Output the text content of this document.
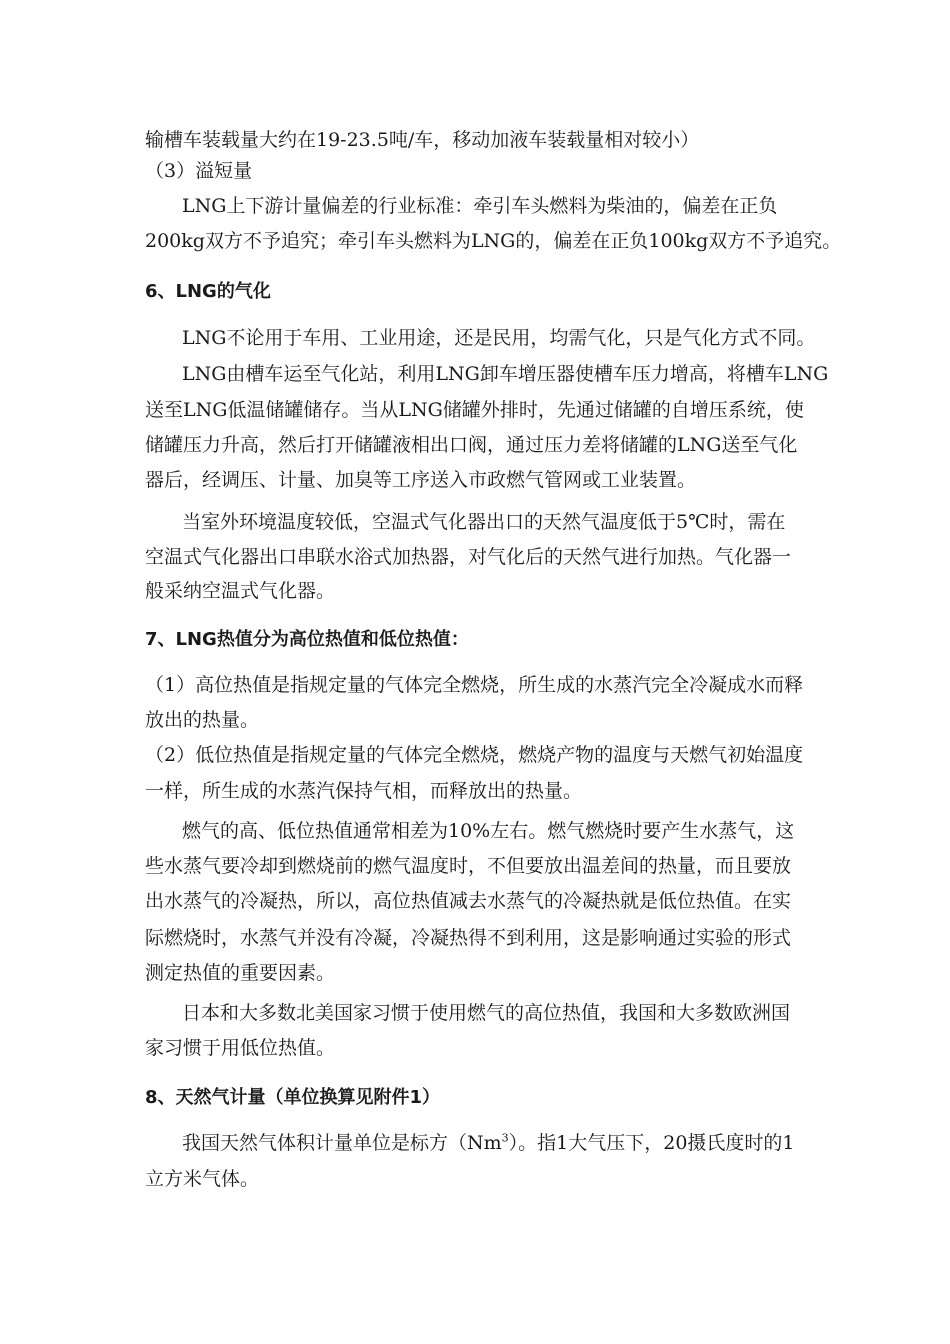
输槽车装载量大约在19-23.5吨/车，移动加液车装载量相对较小）
（3）溢短量
LNG上下游计量偏差的行业标准：牵引车头燃料为柴油的，偏差在正负
200kg双方不予追究；牵引车头燃料为LNG的，偏差在正负100kg双方不予追究。
6、LNG的气化
LNG不论用于车用、工业用途，还是民用，均需气化，只是气化方式不同。
LNG由槽车运至气化站，利用LNG卸车增压器使槽车压力增高，将槽车LNG
送至LNG低温储罐储存。当从LNG储罐外排时，先通过储罐的自增压系统，使
储罐压力升高，然后打开储罐液相出口阀，通过压力差将储罐的LNG送至气化
器后，经调压、计量、加臭等工序送入市政燃气管网或工业装置。
当室外环境温度较低，空温式气化器出口的天然气温度低于5℃时，需在
空温式气化器出口串联水浴式加热器，对气化后的天然气进行加热。气化器一
般采纳空温式气化器。
7、LNG热值分为高位热值和低位热值：
（1）高位热值是指规定量的气体完全燃烧，所生成的水蒸汽完全冷凝成水而释
放出的热量。
（2）低位热值是指规定量的气体完全燃烧，燃烧产物的温度与天燃气初始温度
一样，所生成的水蒸汽保持气相，而释放出的热量。
燃气的高、低位热值通常相差为10%左右。燃气燃烧时要产生水蒸气，这
些水蒸气要冷却到燃烧前的燃气温度时，不但要放出温差间的热量，而且要放
出水蒸气的冷凝热，所以，高位热值减去水蒸气的冷凝热就是低位热值。在实
际燃烧时，水蒸气并没有冷凝，冷凝热得不到利用，这是影响通过实验的形式
测定热值的重要因素。
日本和大多数北美国家习惯于使用燃气的高位热值，我国和大多数欧洲国
家习惯于用低位热值。
8、天然气计量（单位换算见附件1）
我国天然气体积计量单位是标方（Nm$^3$）。指1大气压下，20摄氏度时的1
立方米气体。
